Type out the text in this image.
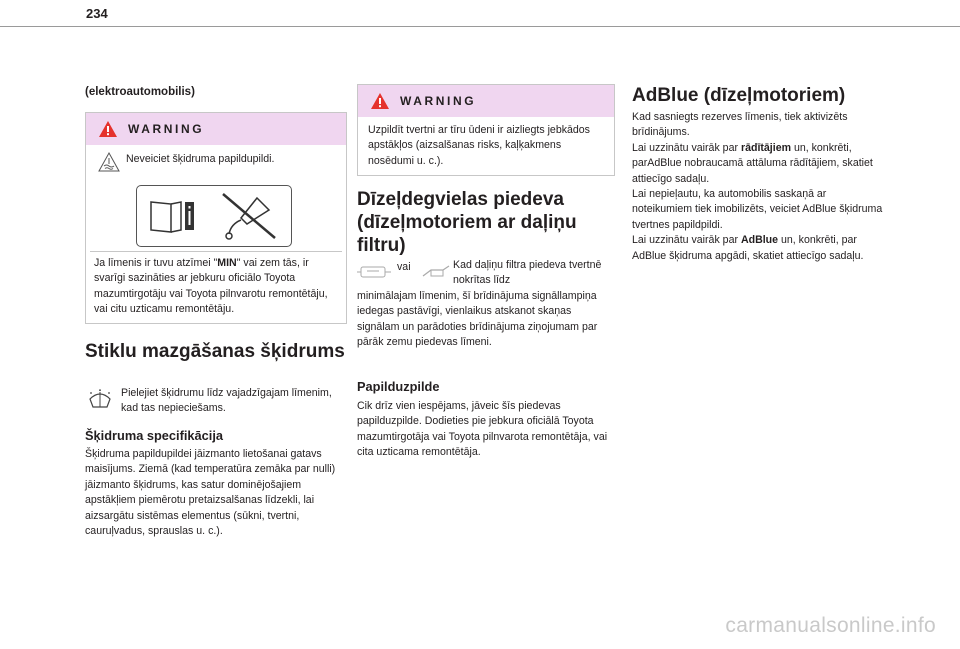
234
(elektroautomobilis)
WARNING

Neveiciet šķidruma papildupildi.

Ja līmenis ir tuvu atzīmei "MIN" vai zem tās, ir svarīgi sazināties ar jebkuru oficiālo Toyota mazumtirgotāju vai Toyota pilnvarotu remontētāju, vai citu uzticamu remontētāju.

Stiklu mazgāšanas šķidrums

Pielejiet šķidrumu līdz vajadzīgajam līmenim, kad tas nepieciešams.

Šķidruma specifikācija

Šķidruma papildupildei jāizmanto lietošanai gatavs maisījums. Ziemā (kad temperatūra zemāka par nulli) jāizmanto šķidrums, kas satur dominējošajiem apstākļiem piemērotu pretaizsalšanas līdzekli, lai aizsargātu sistēmas elementus (sūkni, tvertni, cauruļvadus, sprauslas u. c.).

WARNING

Uzpildīt tvertni ar tīru ūdeni ir aizliegts jebkādos apstākļos (aizsalšanas risks, kaļķakmens nosēdumi u. c.).

Dīzeļdegvielas piedeva (dīzeļmotoriem ar daļiņu filtru)
vai	Kad daļiņu filtra piedeva tvertnē nokrītas līdz

minimālajam līmenim, šī brīdinājuma signāllampiņa iedegas pastāvīgi, vienlaikus atskanot skaņas signālam un parādoties brīdinājuma ziņojumam par pārāk zemu piedevas līmeni.

Papilduzpilde

Cik drīz vien iespējams, jāveic šīs piedevas papilduzpilde. Dodieties pie jebkura oficiālā Toyota mazumtirgotāja vai Toyota pilnvarota remontētāja, vai cita uzticama remontētāja.

AdBlue (dīzeļmotoriem)

Kad sasniegts rezerves līmenis, tiek aktivizēts brīdinājums.

Lai uzzinātu vairāk par rādītājiem un, konkrēti, parAdBlue nobraucamā attāluma rādītājiem, skatiet attiecīgo sadaļu.

Lai nepieļautu, ka automobilis saskaņā ar noteikumiem tiek imobilizēts, veiciet AdBlue šķidruma tvertnes papildpildi.

Lai uzzinātu vairāk par AdBlue un, konkrēti, par AdBlue šķidruma apgādi, skatiet attiecīgo sadaļu.

carmanualsonline.info
